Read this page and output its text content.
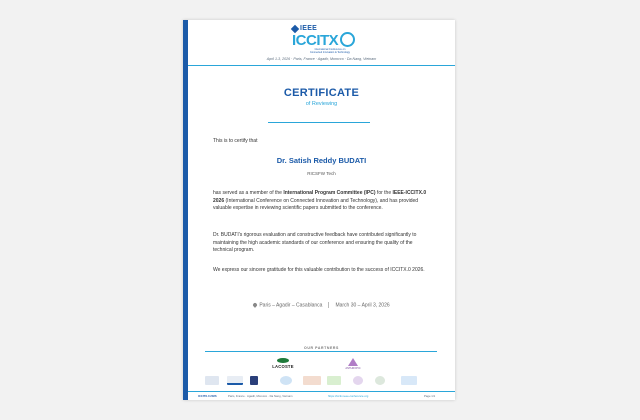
IEEE
ICCITX
International Conference on Connected Innovation & Technology
April 1-3, 2026 · Paris, France · Agadir, Morocco · Da Nang, Vietnam
CERTIFICATE
of Reviewing
This is to certify that
Dr. Satish Reddy BUDATI
RICSFW Tech
has served as a member of the International Program Committee (IPC) for the IEEE-ICCITX.0 2026 (International Conference on Connected Innovation and Technology), and has provided valuable expertise in reviewing scientific papers submitted to the conference.
Dr. BUDATI's rigorous evaluation and constructive feedback have contributed significantly to maintaining the high academic standards of our conference and ensuring the quality of the technical program.
We express our sincere gratitude for this valuable contribution to the success of ICCITX.0 2026.
Paris – Agadir – Casablanca	March 30 – April 3, 2026
OUR PARTNERS
LACOSTE	ANTHROPIC
ICCITX.0 2026	Paris, France · Agadir, Morocco · Da Nang, Vietnam	https://iccitx.ieee-conference.org	Page 1/1
